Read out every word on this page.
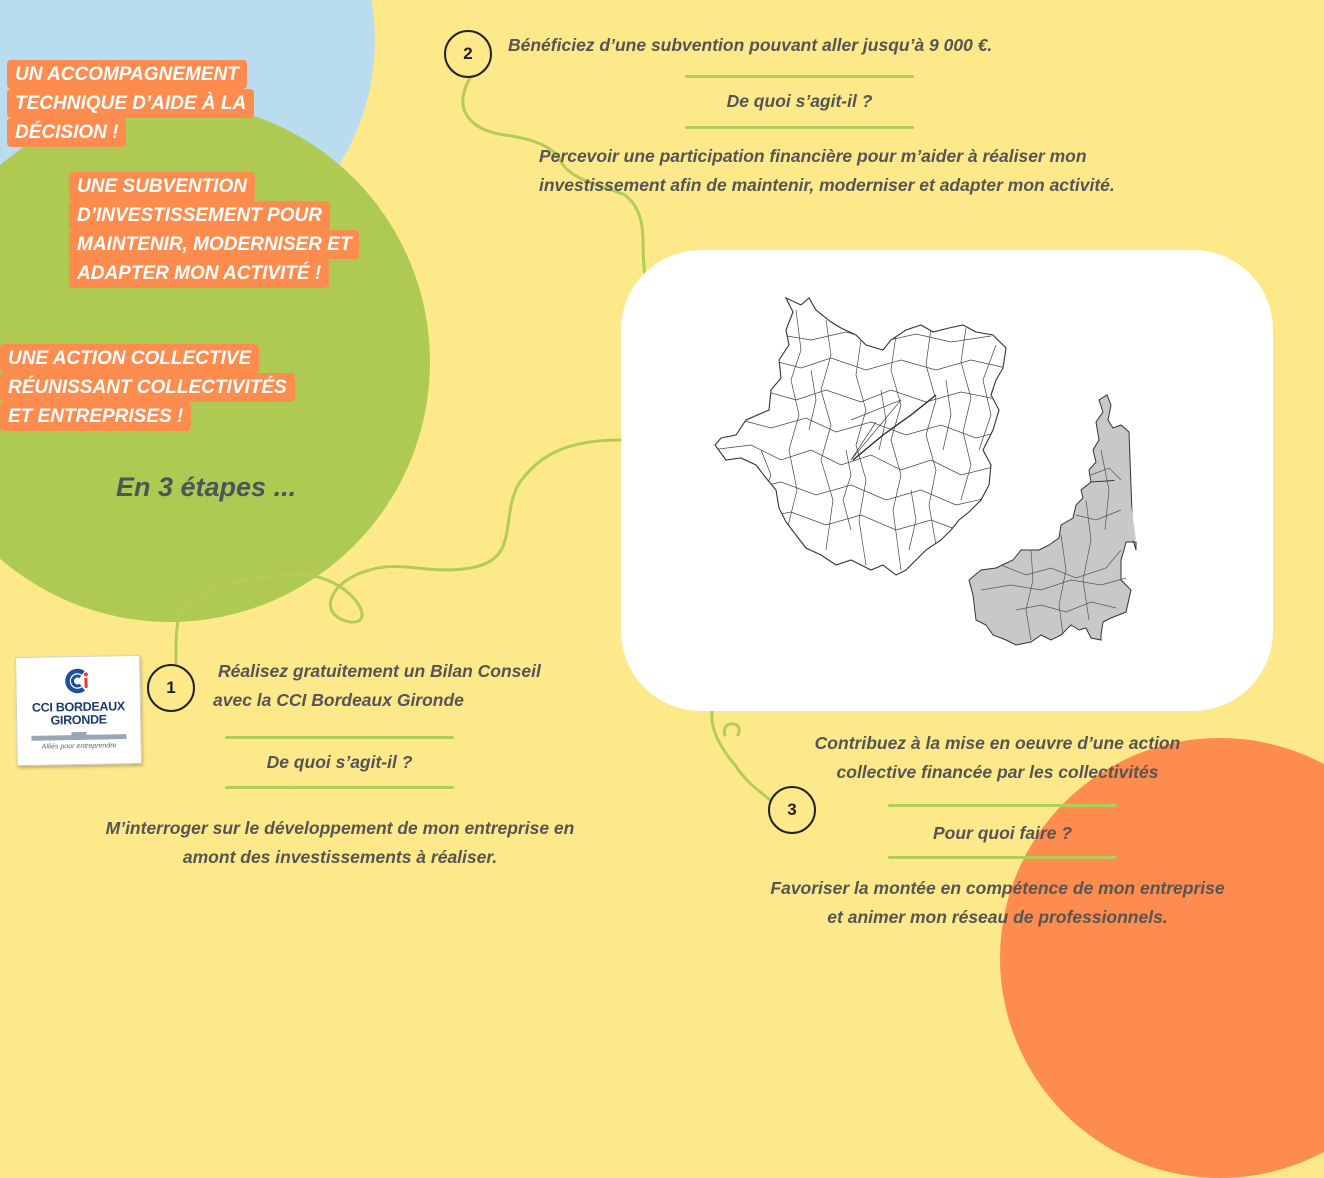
UN ACCOMPAGNEMENT
TECHNIQUE D’AIDE À LA
DÉCISION !
UNE SUBVENTION
D’INVESTISSEMENT POUR
MAINTENIR, MODERNISER ET
ADAPTER MON ACTIVITÉ !
UNE ACTION COLLECTIVE
RÉUNISSANT COLLECTIVITÉS
ET ENTREPRISES !
En 3 étapes ...
CCI BORDEAUX
GIRONDE
Alliés pour entreprendre
1
Réalisez gratuitement un Bilan Conseil
avec la CCI Bordeaux Gironde
De quoi s’agit-il ?
M’interroger sur le développement de mon entreprise en
amont des investissements à réaliser.
2	Bénéficiez d’une subvention pouvant aller jusqu’à 9 000 €.
De quoi s’agit-il ?
Percevoir une participation financière pour m’aider à réaliser mon
investissement afin de maintenir, moderniser et adapter mon activité.
3
Contribuez à la mise en oeuvre d’une action
collective financée par les collectivités
Pour quoi faire ?
Favoriser la montée en compétence de mon entreprise
et animer mon réseau de professionnels.
